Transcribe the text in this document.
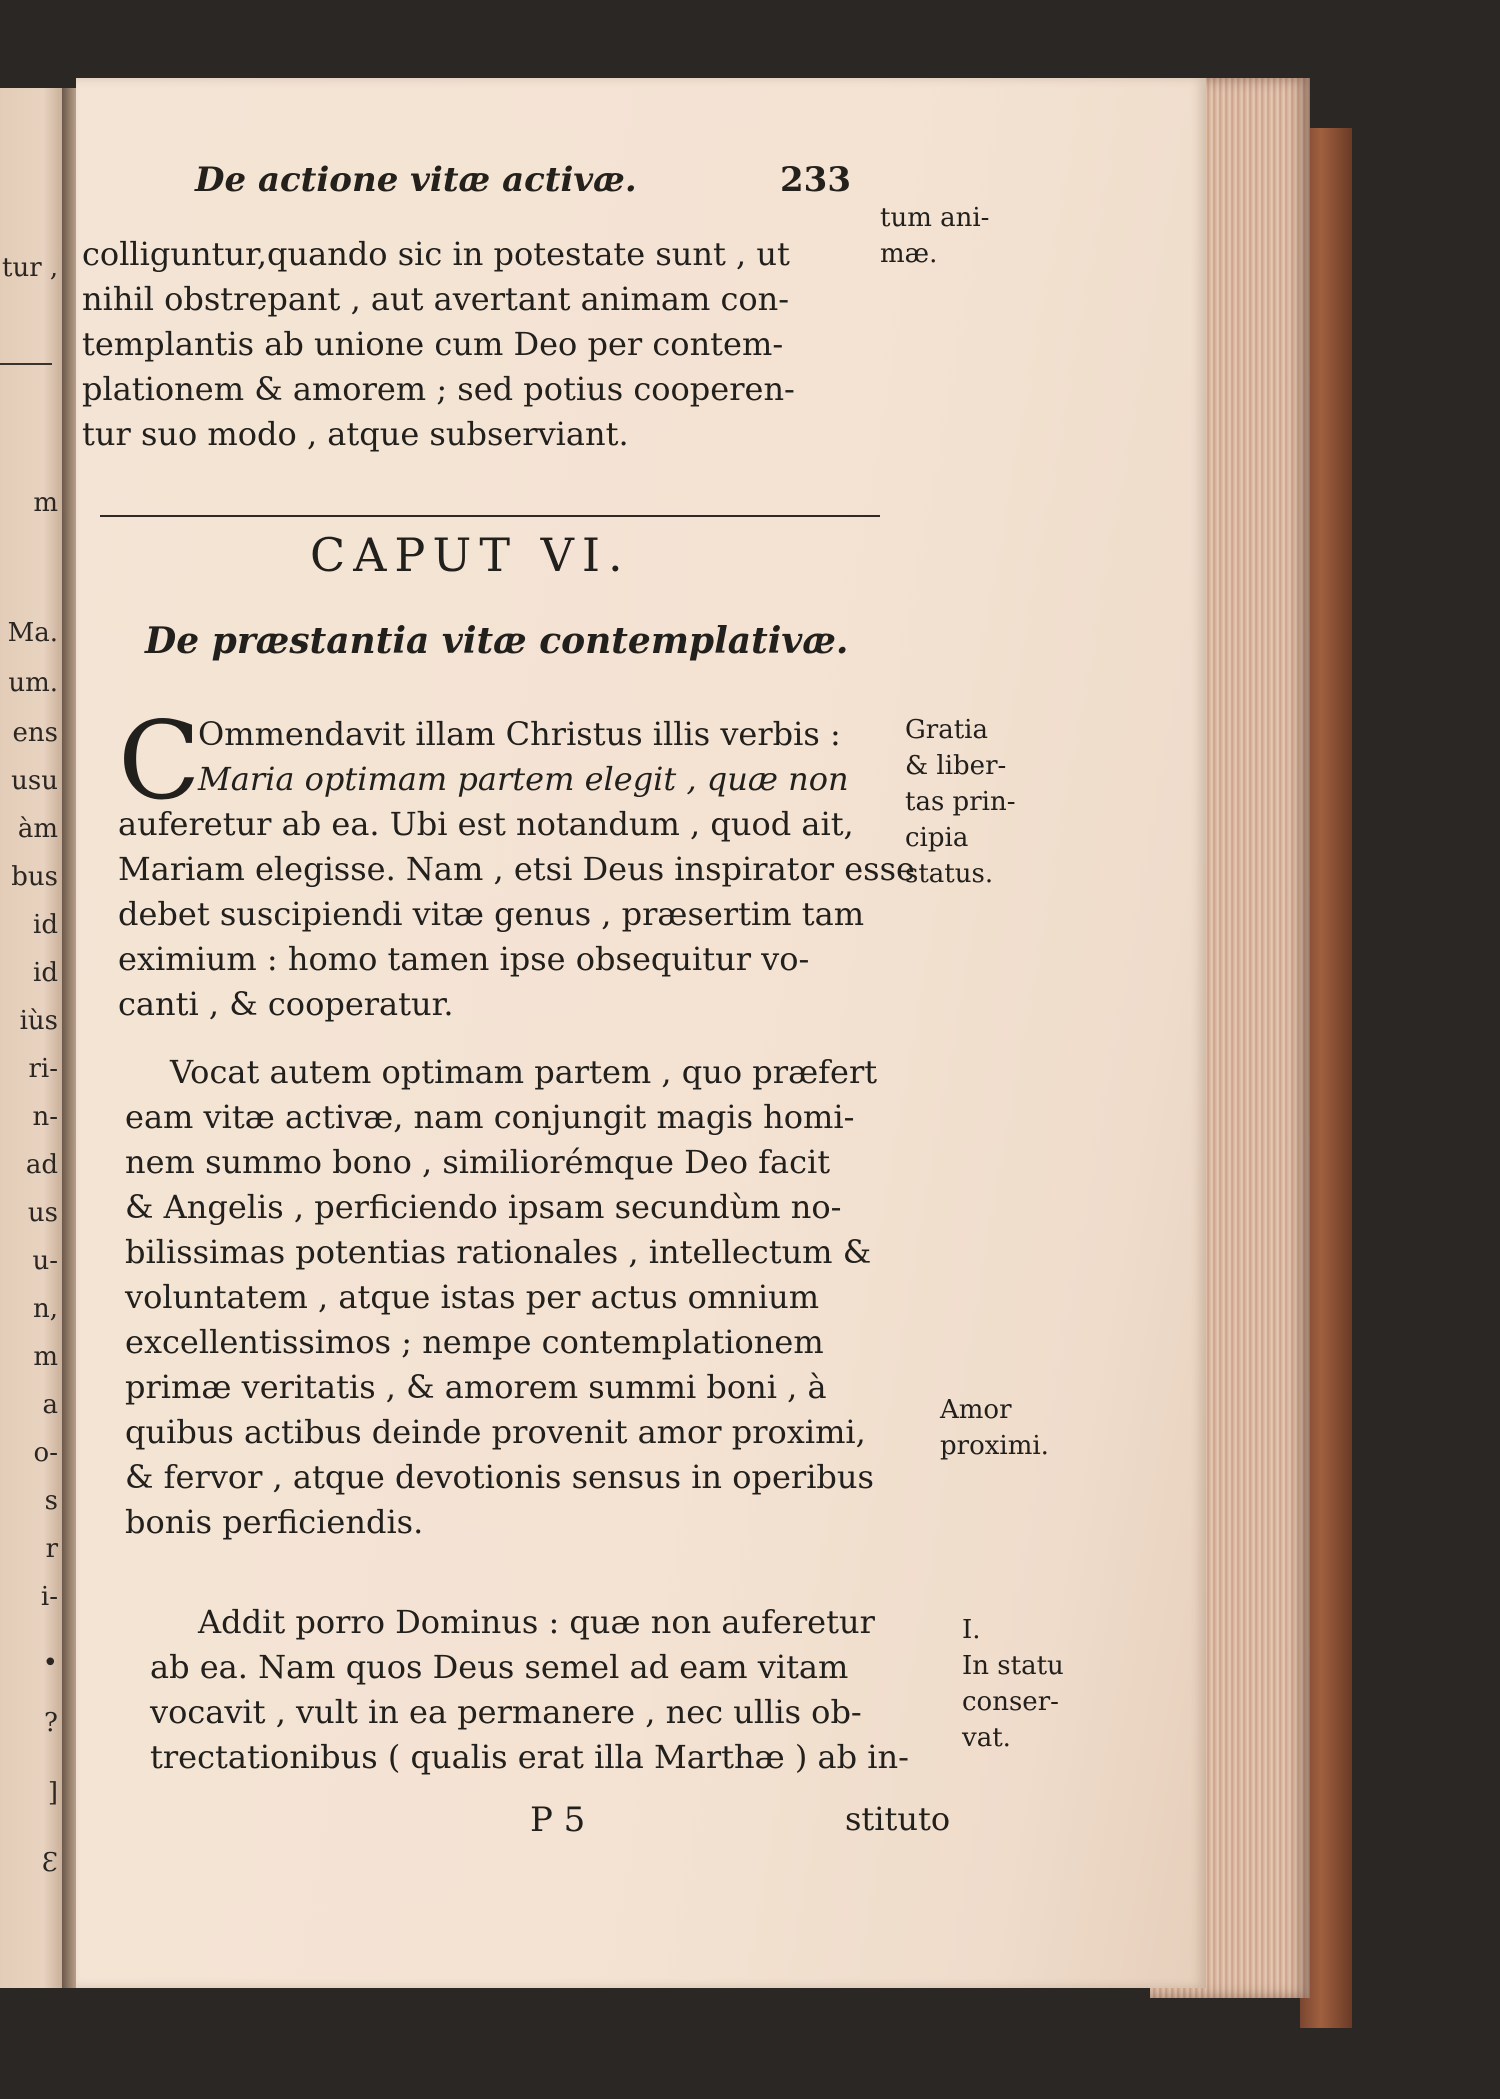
tur ,
m
Ma.
um.
ens
usu
àm
bus
id
id
iùs
ri-
n-
ad
us
u-
n,
m
a
o-
s
r
i-
•
?
]
Ɛ
De actione vitæ activæ.	233
colliguntur,quando sic in potestate sunt , ut
nihil obstrepant , aut avertant animam con-
templantis ab unione cum Deo per contem-
plationem & amorem ; sed potius cooperen-
tur suo modo , atque subserviant.
tum ani-
mæ.
CAPUT VI.
De præstantia vitæ contemplativæ.
C
Ommendavit illam Christus illis verbis :
Maria optimam partem elegit , quæ non
auferetur ab ea. Ubi est notandum , quod ait,
Mariam elegisse. Nam , etsi Deus inspirator esse
debet suscipiendi vitæ genus , præsertim tam
eximium : homo tamen ipse obsequitur vo-
canti , & cooperatur.
Gratia
& liber-
tas prin-
cipia
status.
Vocat autem optimam partem , quo præfert
eam vitæ activæ, nam conjungit magis homi-
nem summo bono , similiorémque Deo facit
& Angelis , perficiendo ipsam secundùm no-
bilissimas potentias rationales , intellectum &
voluntatem , atque istas per actus omnium
excellentissimos ; nempe contemplationem
primæ veritatis , & amorem summi boni , à
quibus actibus deinde provenit amor proximi,
& fervor , atque devotionis sensus in operibus
bonis perficiendis.
Amor
proximi.
Addit porro Dominus : quæ non auferetur
ab ea. Nam quos Deus semel ad eam vitam
vocavit , vult in ea permanere , nec ullis ob-
trectationibus ( qualis erat illa Marthæ ) ab in-
I.
In statu
conser-
vat.
P 5	stituto
